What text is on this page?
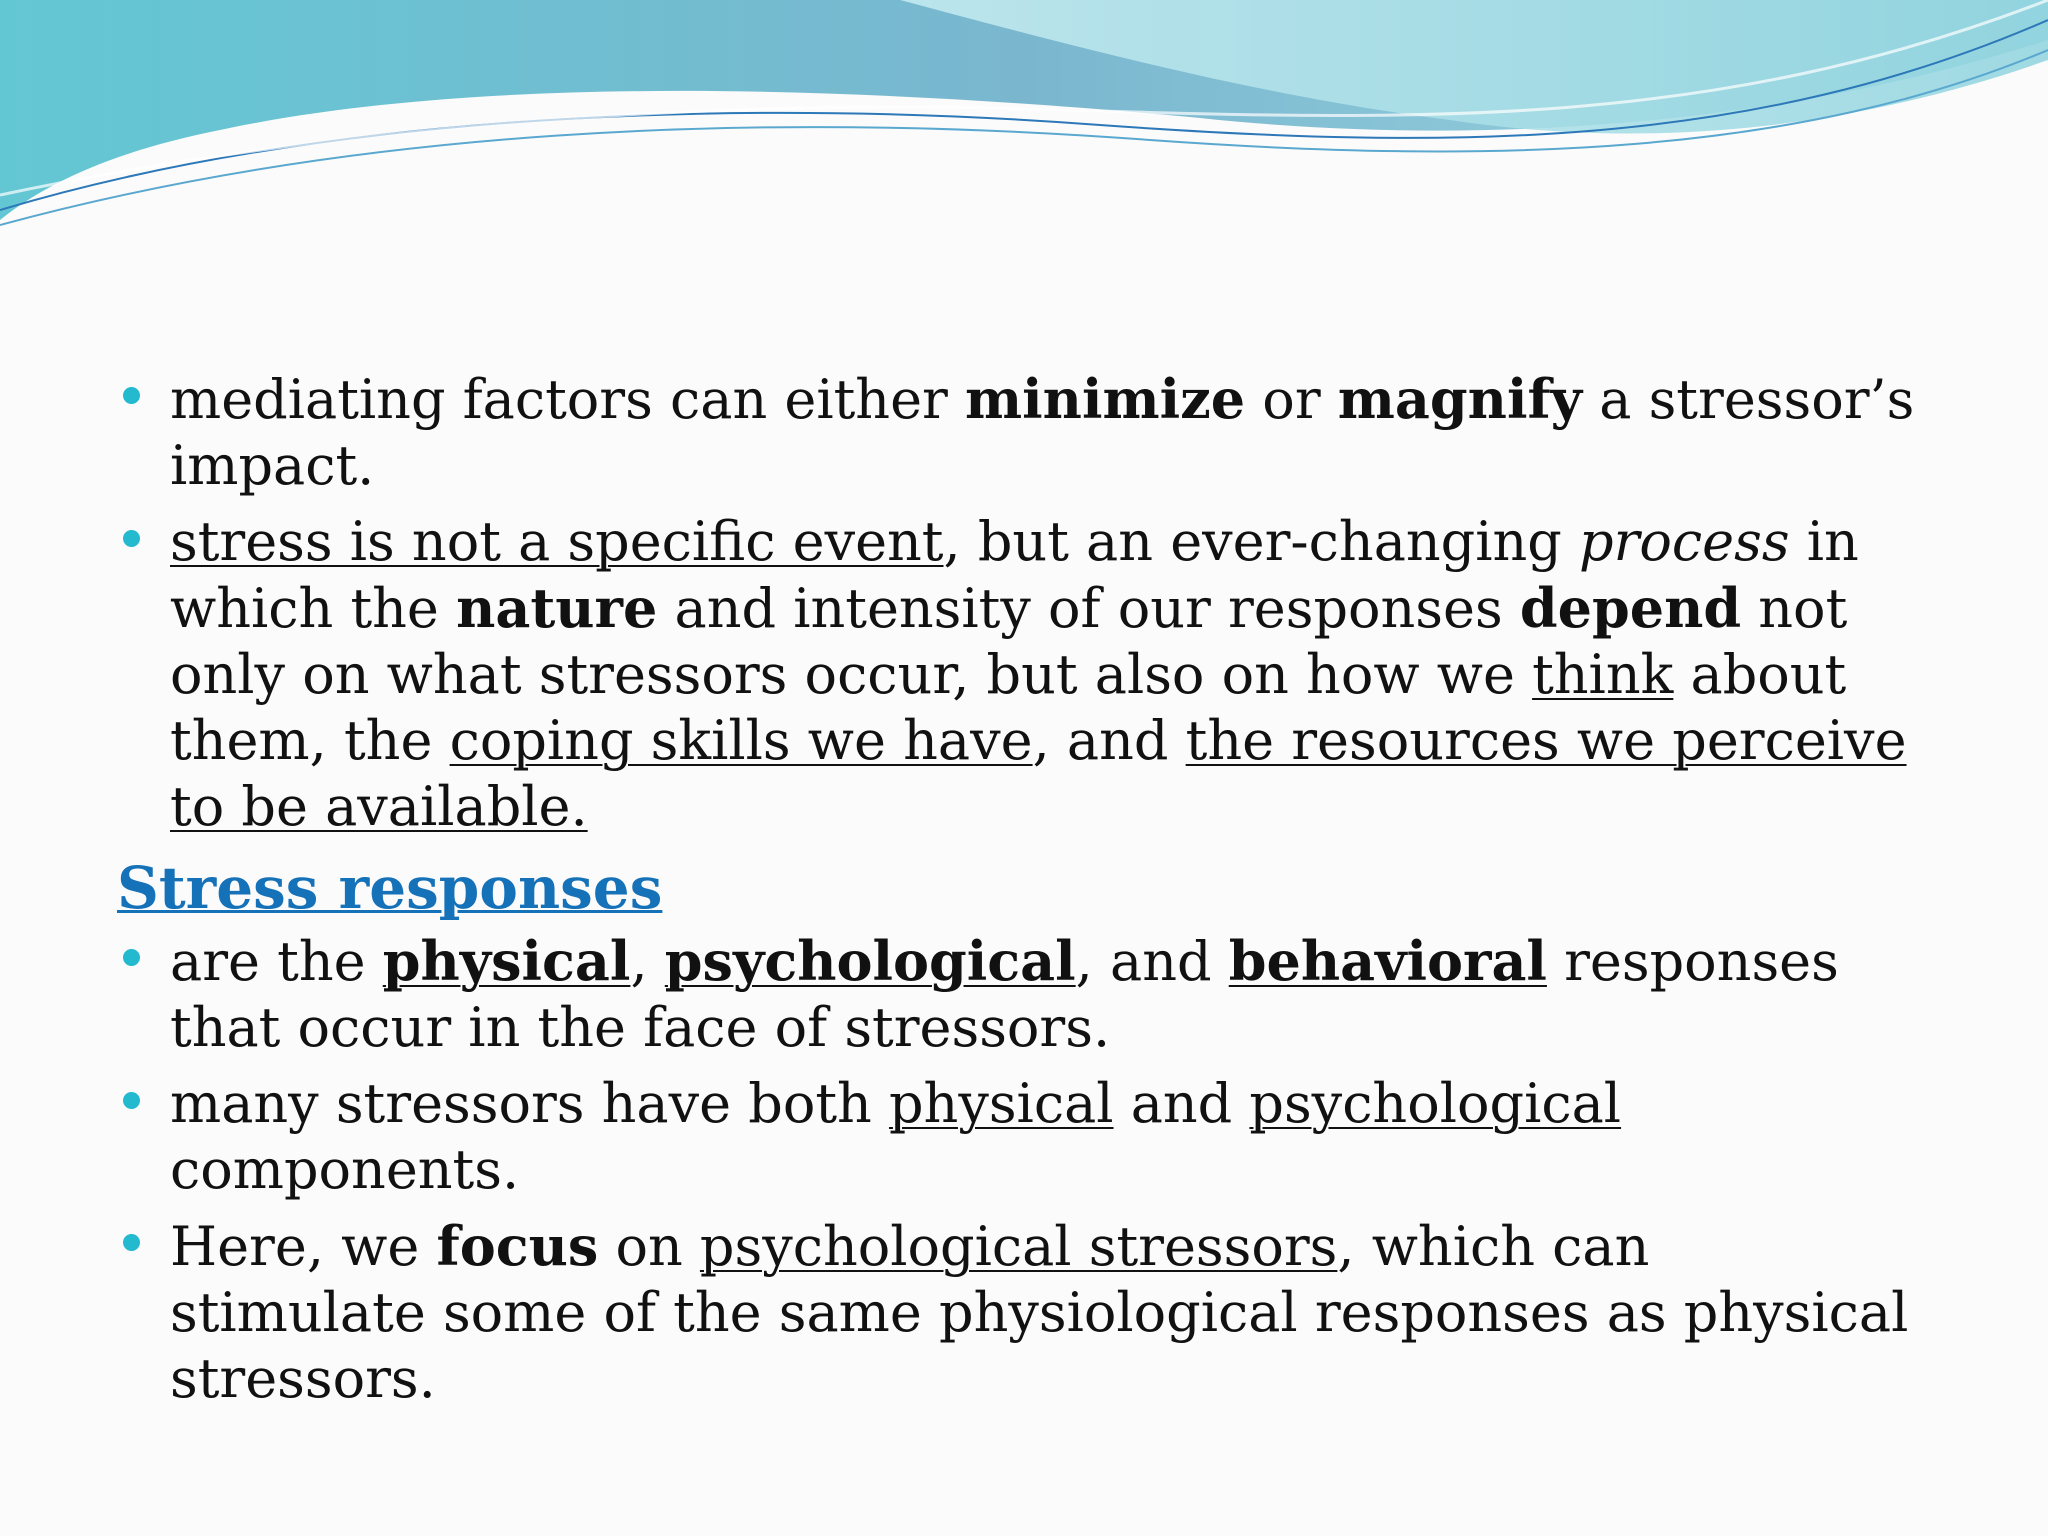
mediating factors can either minimize or magnify a stressor’s impact.
stress is not a specific event, but an ever-changing process in which the nature and intensity of our responses depend not only on what stressors occur, but also on how we think about them, the coping skills we have, and the resources we perceive to be available.
Stress responses
are the physical, psychological, and behavioral responses that occur in the face of stressors.
many stressors have both physical and psychological components.
Here, we focus on psychological stressors, which can stimulate some of the same physiological responses as physical stressors.
